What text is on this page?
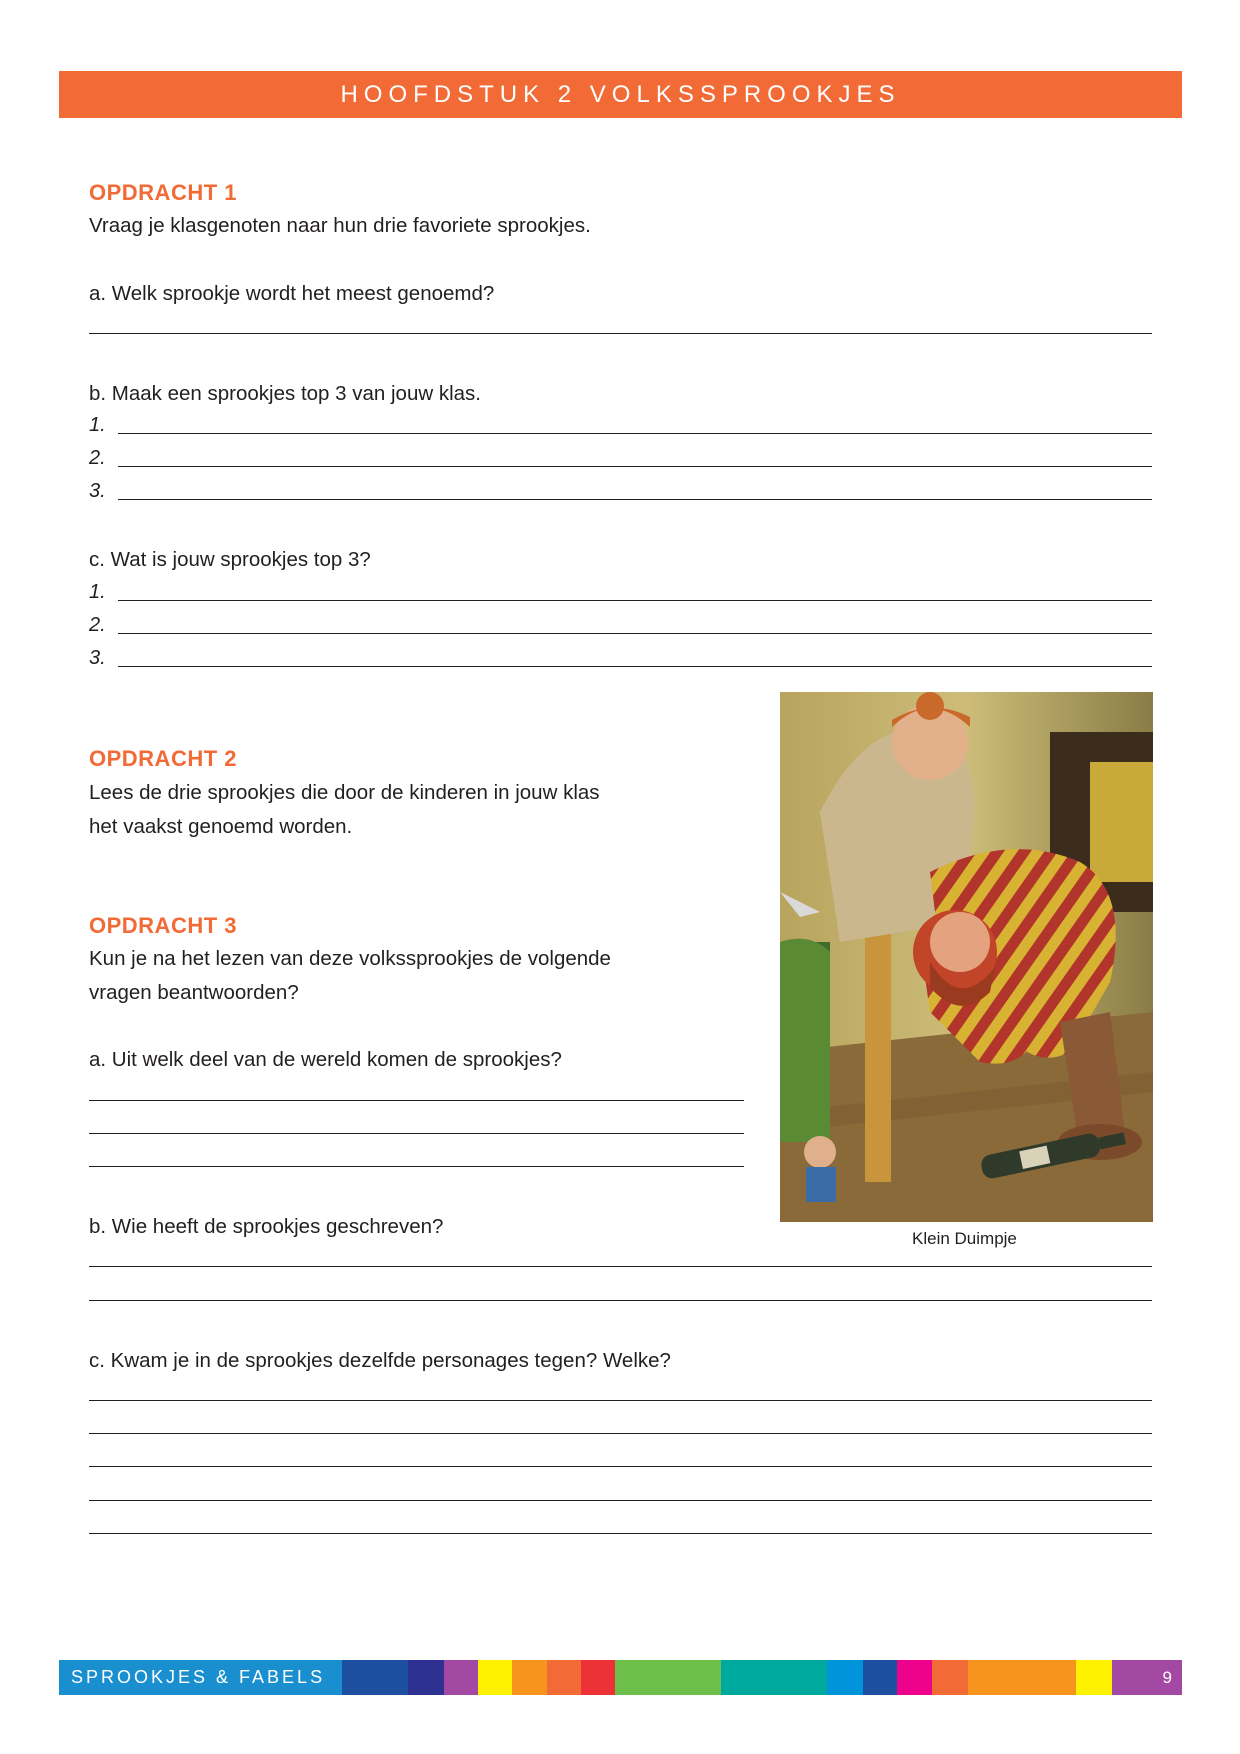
HOOFDSTUK 2 VOLKSSPROOKJES
OPDRACHT 1
Vraag je klasgenoten naar hun drie favoriete sprookjes.
a. Welk sprookje wordt het meest genoemd?
b. Maak een sprookjes top 3 van jouw klas.
1.
2.
3.
c. Wat is jouw sprookjes top 3?
1.
2.
3.
OPDRACHT 2
Lees de drie sprookjes die door de kinderen in jouw klas
het vaakst genoemd worden.
OPDRACHT 3
Kun je na het lezen van deze volkssprookjes de volgende
vragen beantwoorden?
a. Uit welk deel van de wereld komen de sprookjes?
b. Wie heeft de sprookjes geschreven?
c. Kwam je in de sprookjes dezelfde personages tegen? Welke?
Klein Duimpje
SPROOKJES & FABELS	9
